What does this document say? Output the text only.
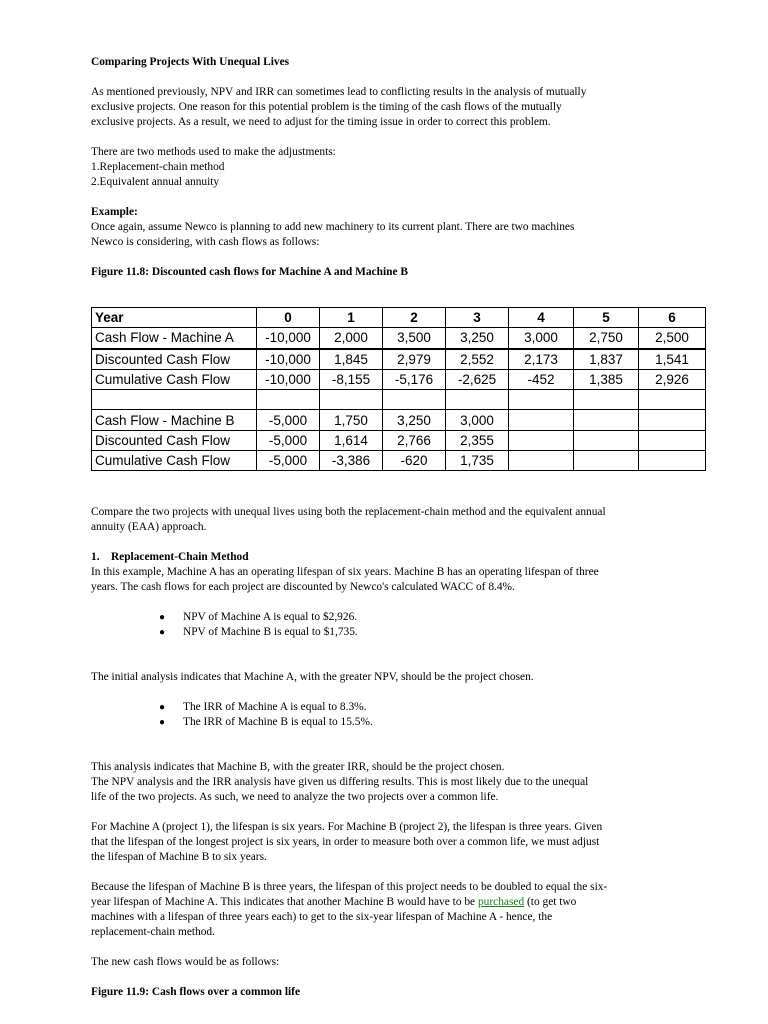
Comparing Projects With Unequal Lives

As mentioned previously, NPV and IRR can sometimes lead to conflicting results in the analysis of mutually

exclusive projects. One reason for this potential problem is the timing of the cash flows of the mutually

exclusive projects. As a result, we need to adjust for the timing issue in order to correct this problem.

There are two methods used to make the adjustments:

1.Replacement-chain method

2.Equivalent annual annuity

Example:

Once again, assume Newco is planning to add new machinery to its current plant. There are two machines

Newco is considering, with cash flows as follows:

Figure 11.8: Discounted cash flows for Machine A and Machine B

Year	0	1	2	3	4	5	6
Cash Flow - Machine A	-10,000	2,000	3,500	3,250	3,000	2,750	2,500
Discounted Cash Flow	-10,000	1,845	2,979	2,552	2,173	1,837	1,541
Cumulative Cash Flow	-10,000	-8,155	-5,176	-2,625	-452	1,385	2,926

Cash Flow - Machine B	-5,000	1,750	3,250	3,000			
Discounted Cash Flow	-5,000	1,614	2,766	2,355			
Cumulative Cash Flow	-5,000	-3,386	-620	1,735			

Compare the two projects with unequal lives using both the replacement-chain method and the equivalent annual

annuity (EAA) approach.

1. Replacement-Chain Method

In this example, Machine A has an operating lifespan of six years. Machine B has an operating lifespan of three

years. The cash flows for each project are discounted by Newco's calculated WACC of 8.4%.

● NPV of Machine A is equal to $2,926.
● NPV of Machine B is equal to $1,735.

The initial analysis indicates that Machine A, with the greater NPV, should be the project chosen.

● The IRR of Machine A is equal to 8.3%.
● The IRR of Machine B is equal to 15.5%.

This analysis indicates that Machine B, with the greater IRR, should be the project chosen.

The NPV analysis and the IRR analysis have given us differing results. This is most likely due to the unequal

life of the two projects. As such, we need to analyze the two projects over a common life.

For Machine A (project 1), the lifespan is six years. For Machine B (project 2), the lifespan is three years. Given

that the lifespan of the longest project is six years, in order to measure both over a common life, we must adjust

the lifespan of Machine B to six years.

Because the lifespan of Machine B is three years, the lifespan of this project needs to be doubled to equal the six-

year lifespan of Machine A. This indicates that another Machine B would have to be purchased (to get two

machines with a lifespan of three years each) to get to the six-year lifespan of Machine A - hence, the

replacement-chain method.

The new cash flows would be as follows:

Figure 11.9: Cash flows over a common life
